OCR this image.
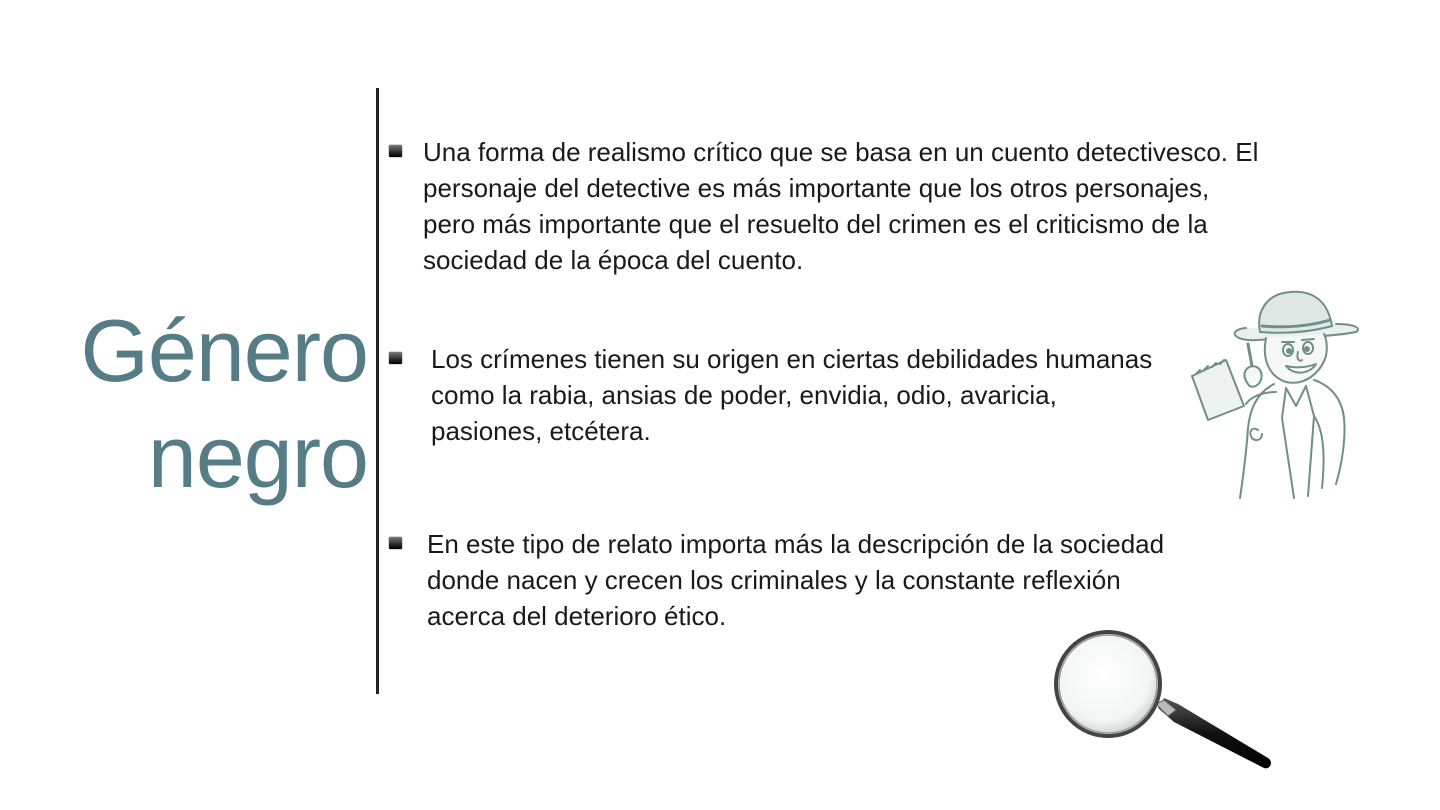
Género
negro

Una forma de realismo crítico que se basa en un cuento detectivesco. El personaje del detective es más importante que los otros personajes, pero más importante que el resuelto del crimen es el criticismo de la sociedad de la época del cuento.

Los crímenes tienen su origen en ciertas debilidades humanas como la rabia, ansias de poder, envidia, odio, avaricia, pasiones, etcétera.

En este tipo de relato importa más la descripción de la sociedad donde nacen y crecen los criminales y la constante reflexión acerca del deterioro ético.
